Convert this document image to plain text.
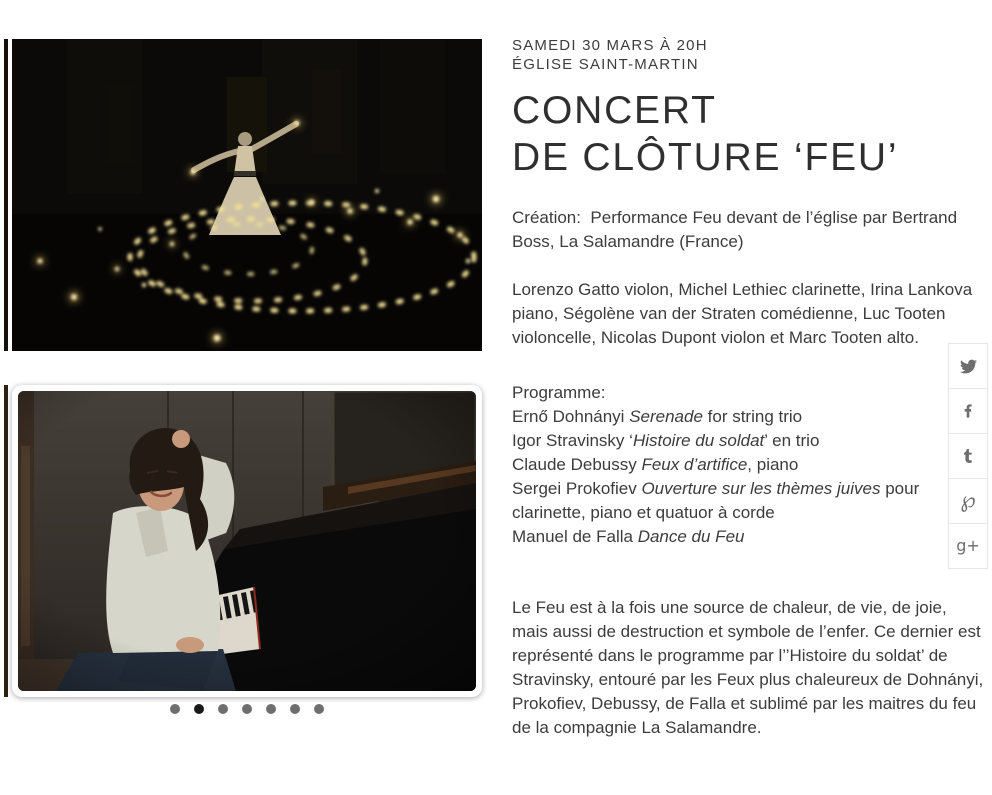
SAMEDI 30 MARS À 20H
ÉGLISE SAINT-MARTIN
CONCERT
DE CLÔTURE ‘FEU’

Création:  Performance Feu devant de l’église par Bertrand Boss, La Salamandre (France)

Lorenzo Gatto violon, Michel Lethiec clarinette, Irina Lankova piano, Ségolène van der Straten comédienne, Luc Tooten violoncelle, Nicolas Dupont violon et Marc Tooten alto.

Programme:
Ernő Dohnányi Serenade for string trio
Igor Stravinsky ‘Histoire du soldat’ en trio
Claude Debussy Feux d’artifice, piano
Sergei Prokofiev Ouverture sur les thèmes juives pour clarinette, piano et quatuor à corde
Manuel de Falla Dance du Feu

Le Feu est à la fois une source de chaleur, de vie, de joie, mais aussi de destruction et symbole de l’enfer. Ce dernier est représenté dans le programme par l’’Histoire du soldat’ de Stravinsky, entouré par les Feux plus chaleureux de Dohnányi, Prokofiev, Debussy, de Falla et sublimé par les maitres du feu de la compagnie La Salamandre.

℘
g+
